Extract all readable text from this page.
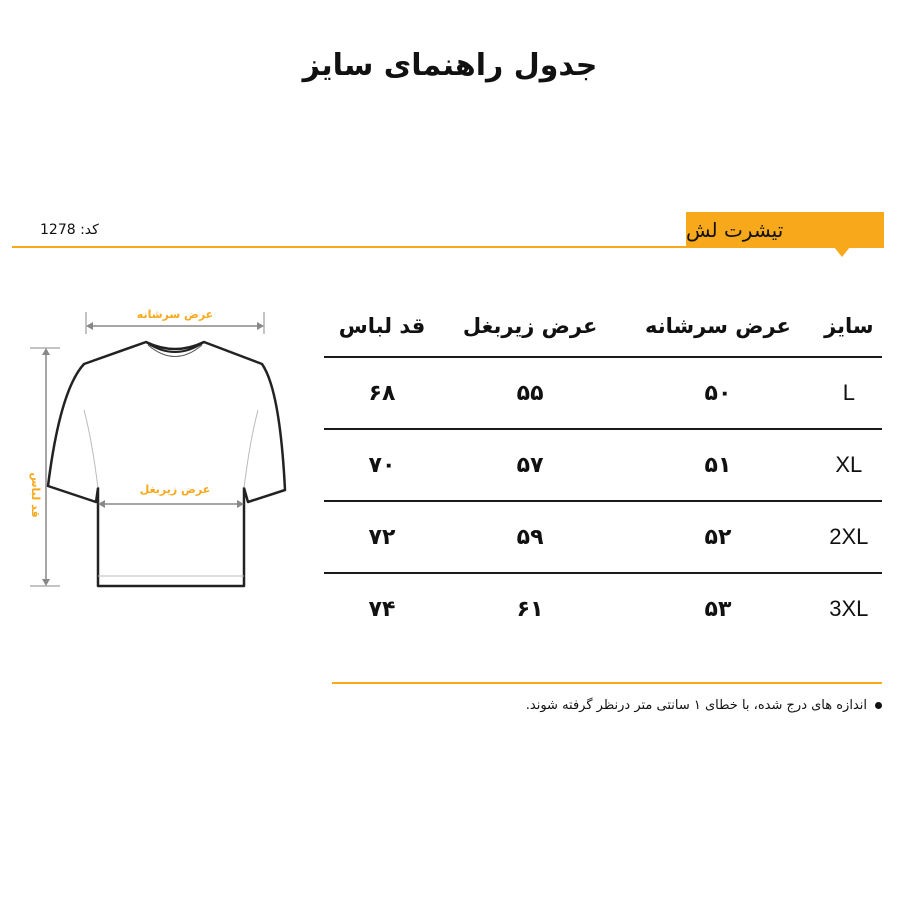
جدول راهنمای سایز
تیشرت لش
کد: 1278
عرض سرشانه
قد لباس	عرض زیربغل
سایز	عرض سرشانه	عرض زیربغل	قد لباس
L	۵۰	۵۵	۶۸
XL	۵۱	۵۷	۷۰
2XL	۵۲	۵۹	۷۲
3XL	۵۳	۶۱	۷۴
اندازه های درج شده، با خطای ۱ سانتی متر درنظر گرفته شوند.
